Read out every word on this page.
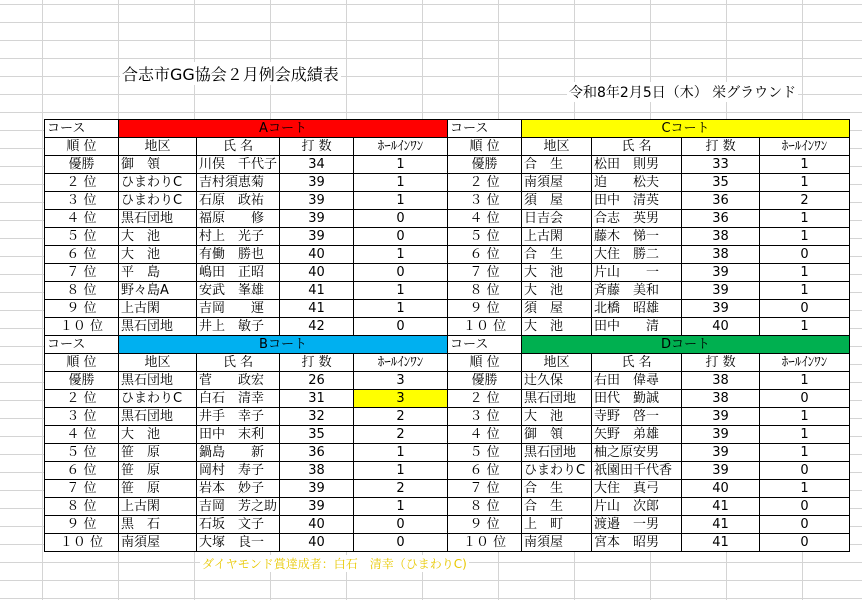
合志市GG協会２月例会成績表
令和8年2月5日（木） 栄グラウンド
コース	Aコート				コース	Cコート			
順 位	地区	氏 名	打 数	ﾎｰﾙｲﾝﾜﾝ	順 位	地区	氏 名	打 数	ﾎｰﾙｲﾝﾜﾝ
優勝	御　領	川俣　千代子	34	1	優勝	合　生	松田　則男	33	1
２ 位	ひまわりC	吉村須恵菊	39	1	２ 位	南須屋	迫　　松夫	35	1
３ 位	ひまわりC	石原　政祐	39	1	３ 位	須　屋	田中　清英	36	2
４ 位	黒石団地	福原　　修	39	0	４ 位	日吉会	合志　英男	36	1
５ 位	大　池	村上　光子	39	0	５ 位	上古閑	藤木　悌一	38	1
６ 位	大　池	有働　勝也	40	1	６ 位	合　生	大住　勝二	38	0
７ 位	平　島	嶋田　正昭	40	0	７ 位	大　池	片山　　一	39	1
８ 位	野々島A	安武　峯雄	41	1	８ 位	大　池	斉藤　美和	39	1
９ 位	上古閑	吉岡　　運	41	1	９ 位	須　屋	北橋　昭雄	39	0
１０ 位	黒石団地	井上　敏子	42	0	１０ 位	大　池	田中　　清	40	1
コース	Bコート				コース	Dコート			
順 位	地区	氏 名	打 数	ﾎｰﾙｲﾝﾜﾝ	順 位	地区	氏 名	打 数	ﾎｰﾙｲﾝﾜﾝ
優勝	黒石団地	菅　　政宏	26	3	優勝	辻久保	右田　偉尋	38	1
２ 位	ひまわりC	白石　清幸	31	3	２ 位	黒石団地	田代　勤誠	38	0
３ 位	黒石団地	井手　幸子	32	2	３ 位	大　池	寺野　啓一	39	1
４ 位	大　池	田中　末利	35	2	４ 位	御　領	矢野　弟雄	39	1
５ 位	笹　原	鍋島　　新	36	1	５ 位	黒石団地	柚之原安男	39	1
６ 位	笹　原	岡村　寿子	38	1	６ 位	ひまわりC	祇園田千代香	39	0
７ 位	笹　原	岩本　妙子	39	2	７ 位	合　生	大住　真弓	40	1
８ 位	上古閑	吉岡　芳之助	39	1	８ 位	合　生	片山　次郎	41	0
９ 位	黒　石	石坂　文子	40	0	９ 位	上　町	渡邉　一男	41	0
１０ 位	南須屋	大塚　良一	40	0	１０ 位	南須屋	宮本　昭男	41	0
ダイヤモンド賞達成者：白石　清幸（ひまわりC)
